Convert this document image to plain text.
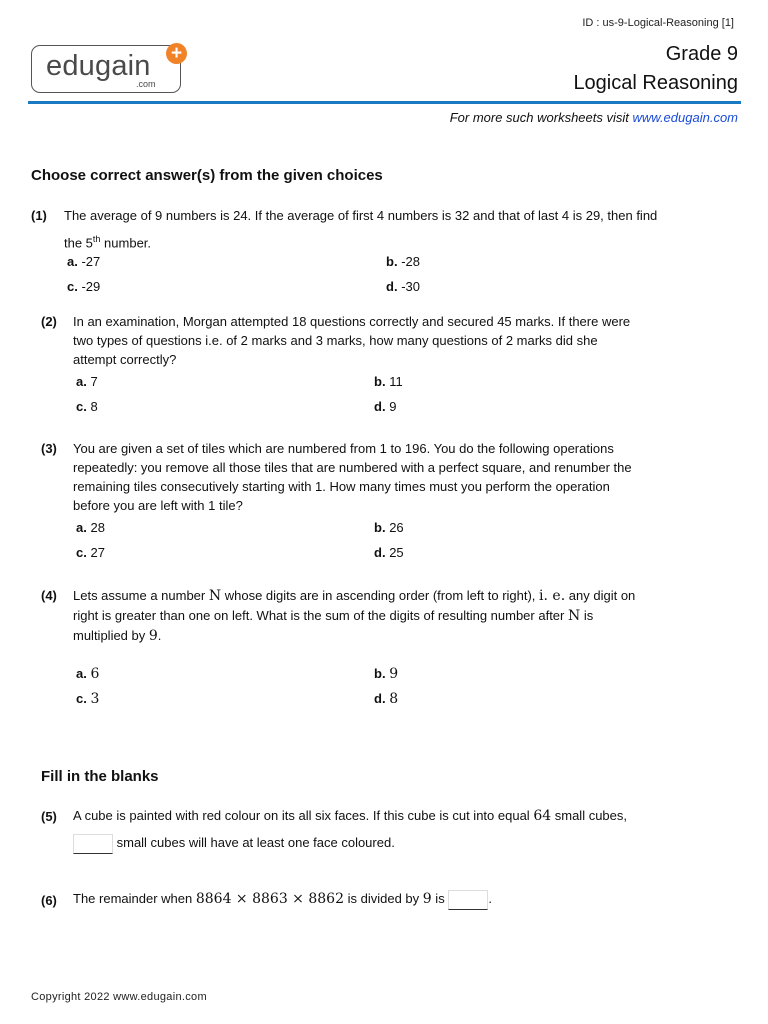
ID : us-9-Logical-Reasoning [1]
edugain
.com
+	Grade 9
Logical Reasoning
For more such worksheets visit www.edugain.com
Choose correct answer(s) from the given choices
(1) The average of 9 numbers is 24. If the average of first 4 numbers is 32 and that of last 4 is 29, then find
the 5th number.
a. -27	b. -28
c. -29	d. -30
(2) In an examination, Morgan attempted 18 questions correctly and secured 45 marks. If there were
two types of questions i.e. of 2 marks and 3 marks, how many questions of 2 marks did she
attempt correctly?
a. 7	b. 11
c. 8	d. 9
(3) You are given a set of tiles which are numbered from 1 to 196. You do the following operations
repeatedly: you remove all those tiles that are numbered with a perfect square, and renumber the
remaining tiles consecutively starting with 1. How many times must you perform the operation
before you are left with 1 tile?
a. 28	b. 26
c. 27	d. 25
(4) Lets assume a number N whose digits are in ascending order (from left to right), i. e. any digit on
right is greater than one on left. What is the sum of the digits of resulting number after N is
multiplied by 9.
a. 6	b. 9
c. 3	d. 8
Fill in the blanks
(5) A cube is painted with red colour on its all six faces. If this cube is cut into equal 64 small cubes,
small cubes will have at least one face coloured.
(6) The remainder when 8864 × 8863 × 8862 is divided by 9 is	.
Copyright 2022 www.edugain.com
